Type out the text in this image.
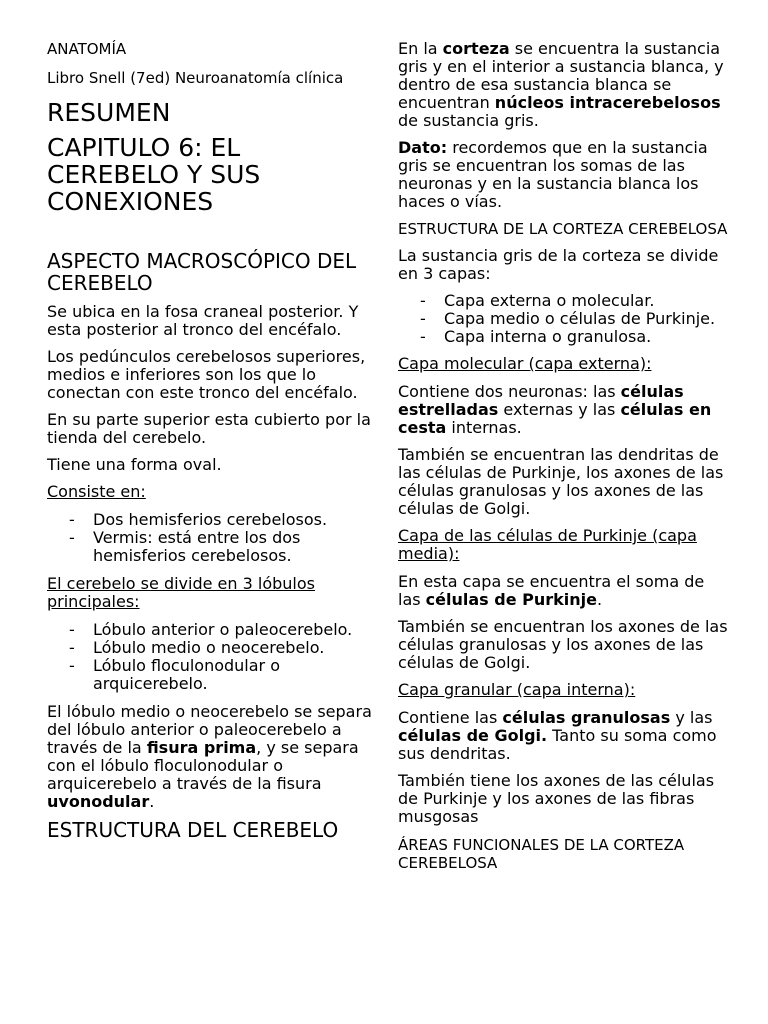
ANATOMÍA

Libro Snell (7ed) Neuroanatomía clínica

RESUMEN
CAPITULO 6: EL CEREBELO Y SUS CONEXIONES
ASPECTO MACROSCÓPICO DEL CEREBELO

Se ubica en la fosa craneal posterior. Y esta posterior al tronco del encéfalo.

Los pedúnculos cerebelosos superiores, medios e inferiores son los que lo conectan con este tronco del encéfalo.

En su parte superior esta cubierto por la tienda del cerebelo.

Tiene una forma oval.

Consiste en:

- Dos hemisferios cerebelosos.
- Vermis: está entre los dos hemisferios cerebelosos.

El cerebelo se divide en 3 lóbulos principales:

- Lóbulo anterior o paleocerebelo.
- Lóbulo medio o neocerebelo.
- Lóbulo floculonodular o arquicerebelo.

El lóbulo medio o neocerebelo se separa del lóbulo anterior o paleocerebelo a través de la fisura prima, y se separa con el lóbulo floculonodular o arquicerebelo a través de la fisura uvonodular.

ESTRUCTURA DEL CEREBELO

En la corteza se encuentra la sustancia gris y en el interior a sustancia blanca, y dentro de esa sustancia blanca se encuentran núcleos intracerebelosos de sustancia gris.

Dato: recordemos que en la sustancia gris se encuentran los somas de las neuronas y en la sustancia blanca los haces o vías.

ESTRUCTURA DE LA CORTEZA CEREBELOSA

La sustancia gris de la corteza se divide en 3 capas:

- Capa externa o molecular.
- Capa medio o células de Purkinje.
- Capa interna o granulosa.

Capa molecular (capa externa):

Contiene dos neuronas: las células estrelladas externas y las células en cesta internas.

También se encuentran las dendritas de las células de Purkinje, los axones de las células granulosas y los axones de las células de Golgi.

Capa de las células de Purkinje (capa media):

En esta capa se encuentra el soma de las células de Purkinje.

También se encuentran los axones de las células granulosas y los axones de las células de Golgi.

Capa granular (capa interna):

Contiene las células granulosas y las células de Golgi. Tanto su soma como sus dendritas.

También tiene los axones de las células de Purkinje y los axones de las fibras musgosas

ÁREAS FUNCIONALES DE LA CORTEZA CEREBELOSA
